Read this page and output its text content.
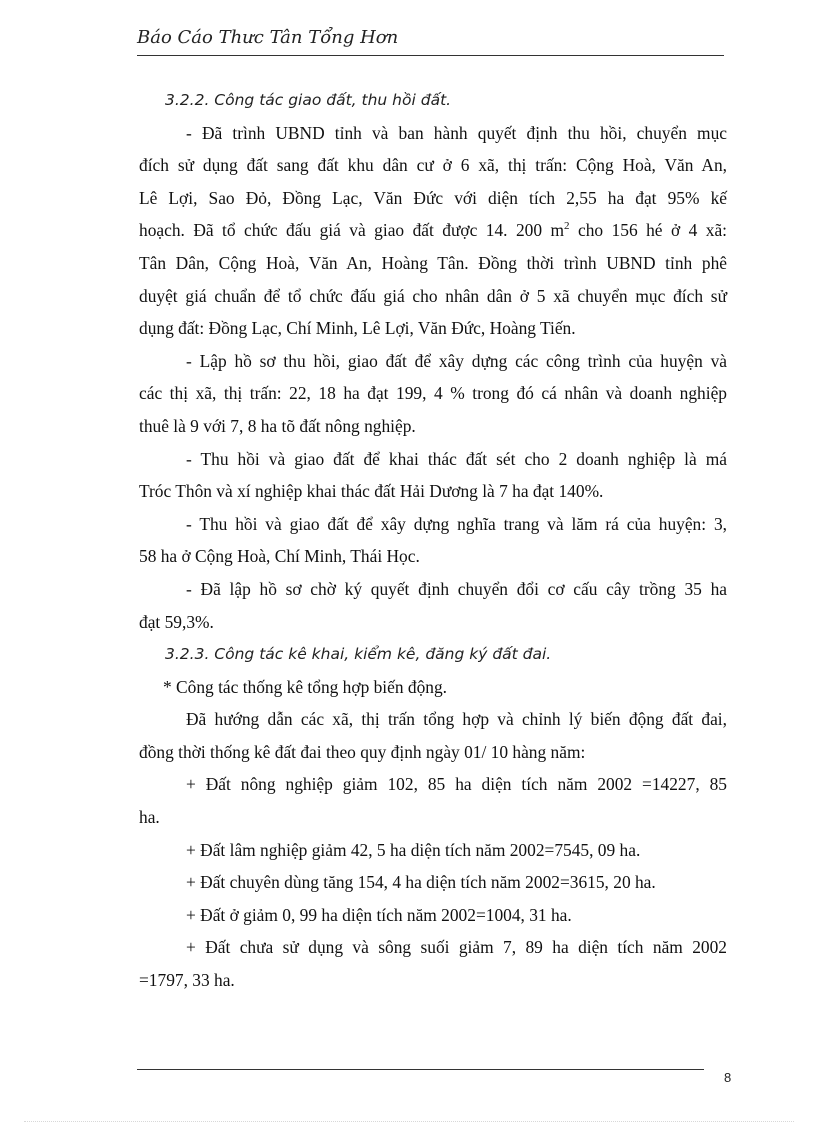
Báo Cáo Thưc Tân Tổng Hơn
3.2.2. Công tác giao đất, thu hồi đất.
- Đã trình UBND tỉnh và ban hành quyết định thu hồi, chuyển mục
đích sử dụng đất sang đất khu dân cư ở 6 xã, thị trấn: Cộng Hoà, Văn An,
Lê Lợi, Sao Đỏ, Đồng Lạc, Văn Đức với diện tích 2,55 ha đạt 95% kế
hoạch. Đã tổ chức đấu giá và giao đất được 14. 200 $m^2$ cho 156 hé ở 4 xã:
Tân Dân, Cộng Hoà, Văn An, Hoàng Tân. Đồng thời trình UBND tỉnh phê
duyệt giá chuẩn để tổ chức đấu giá cho nhân dân ở 5 xã chuyển mục đích sử
dụng đất: Đồng Lạc, Chí Minh, Lê Lợi, Văn Đức, Hoàng Tiến.
- Lập hồ sơ thu hồi, giao đất để xây dựng các công trình của huyện và
các thị xã, thị trấn: 22, 18 ha đạt 199, 4 % trong đó cá nhân và doanh nghiệp
thuê là 9 với 7, 8 ha tõ đất nông nghiệp.
- Thu hồi và giao đất để khai thác đất sét cho 2 doanh nghiệp là má
Tróc Thôn và xí nghiệp khai thác đất Hải Dương là 7 ha đạt 140%.
- Thu hồi và giao đất để xây dựng nghĩa trang và lăm rá của huyện: 3,
58 ha ở Cộng Hoà, Chí Minh, Thái Học.
- Đã lập hồ sơ chờ ký quyết định chuyển đổi cơ cấu cây trồng 35 ha
đạt 59,3%.
3.2.3. Công tác kê khai, kiểm kê, đăng ký đất đai.
* Công tác thống kê tổng hợp biến động.
Đã hướng dẫn các xã, thị trấn tổng hợp và chỉnh lý biến động đất đai,
đồng thời thống kê đất đai theo quy định ngày 01/ 10 hàng năm:
+ Đất nông nghiệp giảm 102, 85 ha diện tích năm 2002 =14227, 85
ha.
+ Đất lâm nghiệp giảm 42, 5 ha diện tích năm 2002=7545, 09 ha.
+ Đất chuyên dùng tăng 154, 4 ha diện tích năm 2002=3615, 20 ha.
+ Đất ở giảm 0, 99 ha diện tích năm 2002=1004, 31 ha.
+ Đất chưa sử dụng và sông suối giảm 7, 89 ha diện tích năm 2002
=1797, 33 ha.
8
